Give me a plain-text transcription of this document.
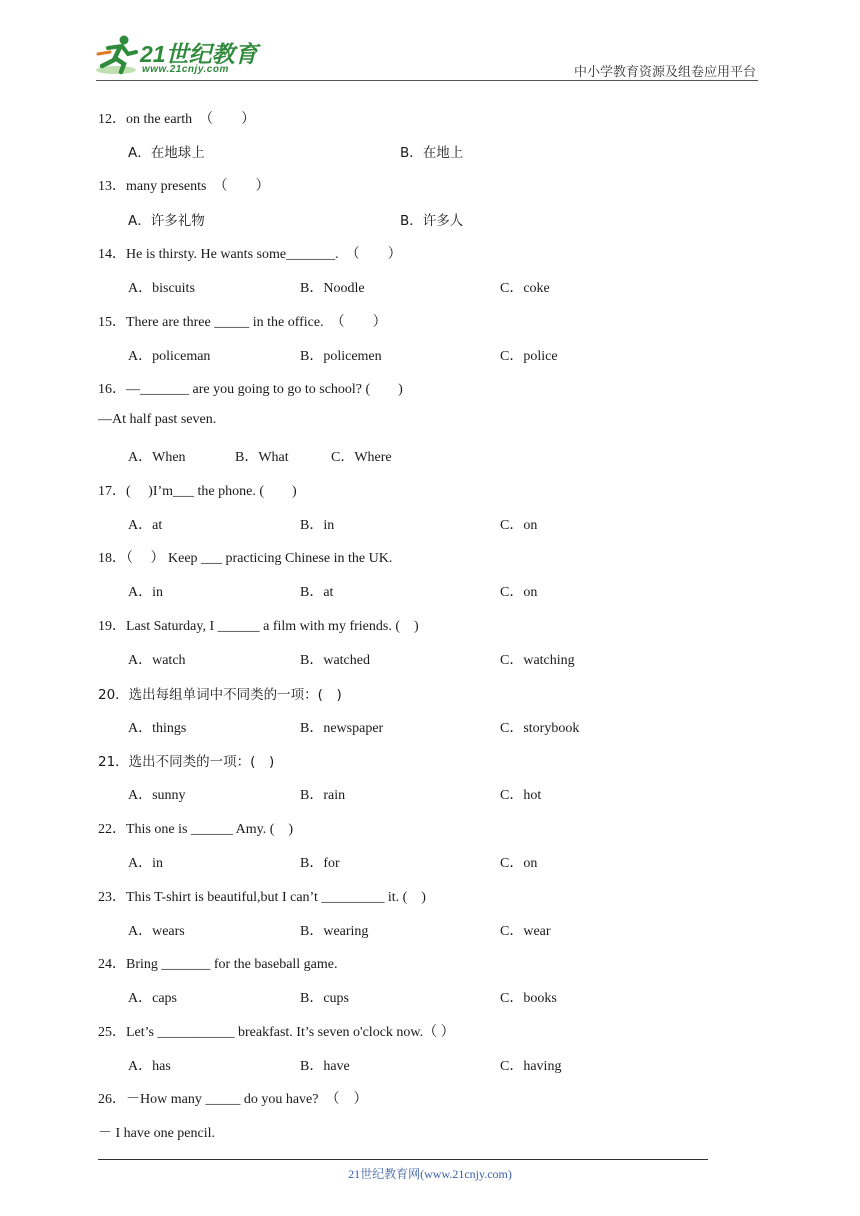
21世纪教育
www.21cnjy.com	中小学教育资源及组卷应用平台
12．on the earth　（　　）
A．在地球上	B．在地上
13．many presents　（　　）
A．许多礼物	B．许多人
14．He is thirsty. He wants some_______.　（　　）
A．biscuits	B．Noodle	C．coke
15．There are three _____ in the office.　（　　）
A．policeman	B．policemen	C．police
16．—_______ are you going to go to school? (　　)
—At half past seven.
A．When	B．What	C．Where
17．(　 )I’m___ the phone. (　　)
A．at	B．in	C．on
18．（　 ） Keep ___ practicing Chinese in the UK.
A．in	B．at	C．on
19．Last Saturday, I ______ a film with my friends. (　)
A．watch	B．watched	C．watching
20．选出每组单词中不同类的一项：(　)
A．things	B．newspaper	C．storybook
21．选出不同类的一项：(　)
A．sunny	B．rain	C．hot
22．This one is ______ Amy. (　)
A．in	B．for	C．on
23．This T-shirt is beautiful,but I can’t _________ it. (　)
A．wears	B．wearing	C．wear
24．Bring _______ for the baseball game.
A．caps	B．cups	C．books
25．Let’s ___________ breakfast. It’s seven o'clock now.（ ）
A．has	B．have	C．having
26．－How many _____ do you have?　（　）
－ I have one pencil.
21世纪教育网(www.21cnjy.com)
